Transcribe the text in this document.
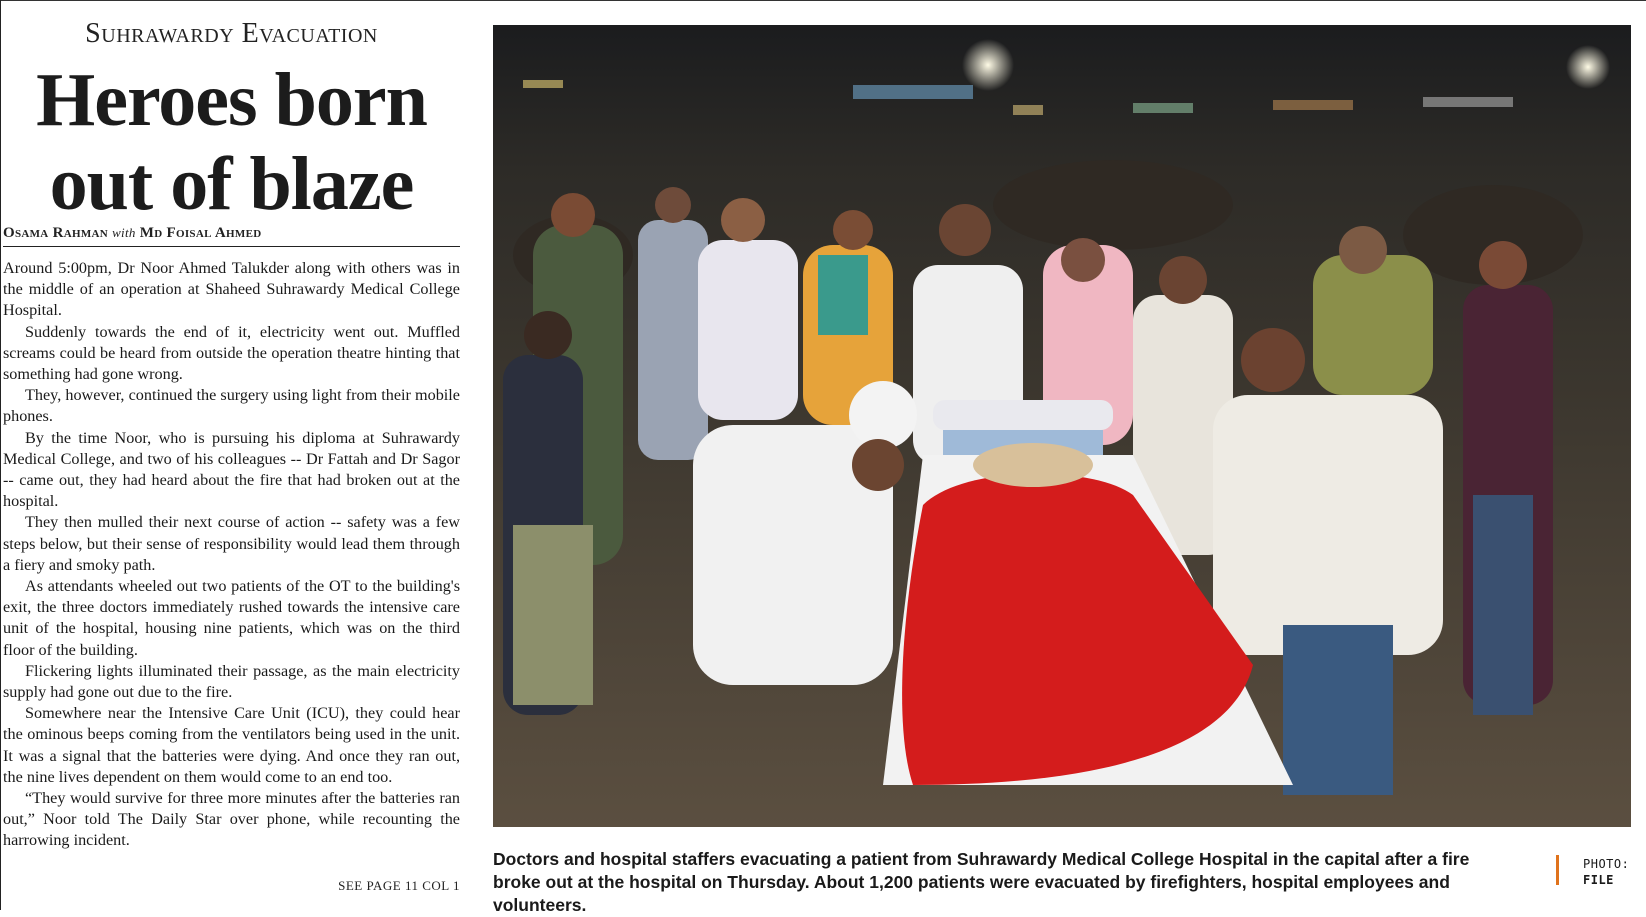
Suhrawardy Evacuation
Heroes born
out of blaze
Osama Rahman with Md Foisal Ahmed

Around 5:00pm, Dr Noor Ahmed Talukder along with others was in the middle of an operation at Shaheed Suhrawardy Medical College Hospital.

Suddenly towards the end of it, electricity went out. Muffled screams could be heard from outside the operation theatre hinting that something had gone wrong.

They, however, continued the surgery using light from their mobile phones.

By the time Noor, who is pursuing his diploma at Suhrawardy Medical College, and two of his colleagues -- Dr Fattah and Dr Sagor -- came out, they had heard about the fire that had broken out at the hospital.

They then mulled their next course of action -- safety was a few steps below, but their sense of responsibility would lead them through a fiery and smoky path.

As attendants wheeled out two patients of the OT to the building's exit, the three doctors immediately rushed towards the intensive care unit of the hospital, housing nine patients, which was on the third floor of the building.

Flickering lights illuminated their passage, as the main electricity supply had gone out due to the fire.

Somewhere near the Intensive Care Unit (ICU), they could hear the ominous beeps coming from the ventilators being used in the unit. It was a signal that the batteries were dying. And once they ran out, the nine lives dependent on them would come to an end too.

“They would survive for three more minutes after the batteries ran out,” Noor told The Daily Star over phone, while recounting the harrowing incident.

SEE PAGE 11 COL 1
Doctors and hospital staffers evacuating a patient from Suhrawardy Medical College Hospital in the capital after a fire broke out at the hospital on Thursday. About 1,200 patients were evacuated by firefighters, hospital employees and volunteers.
PHOTO:
FILE
